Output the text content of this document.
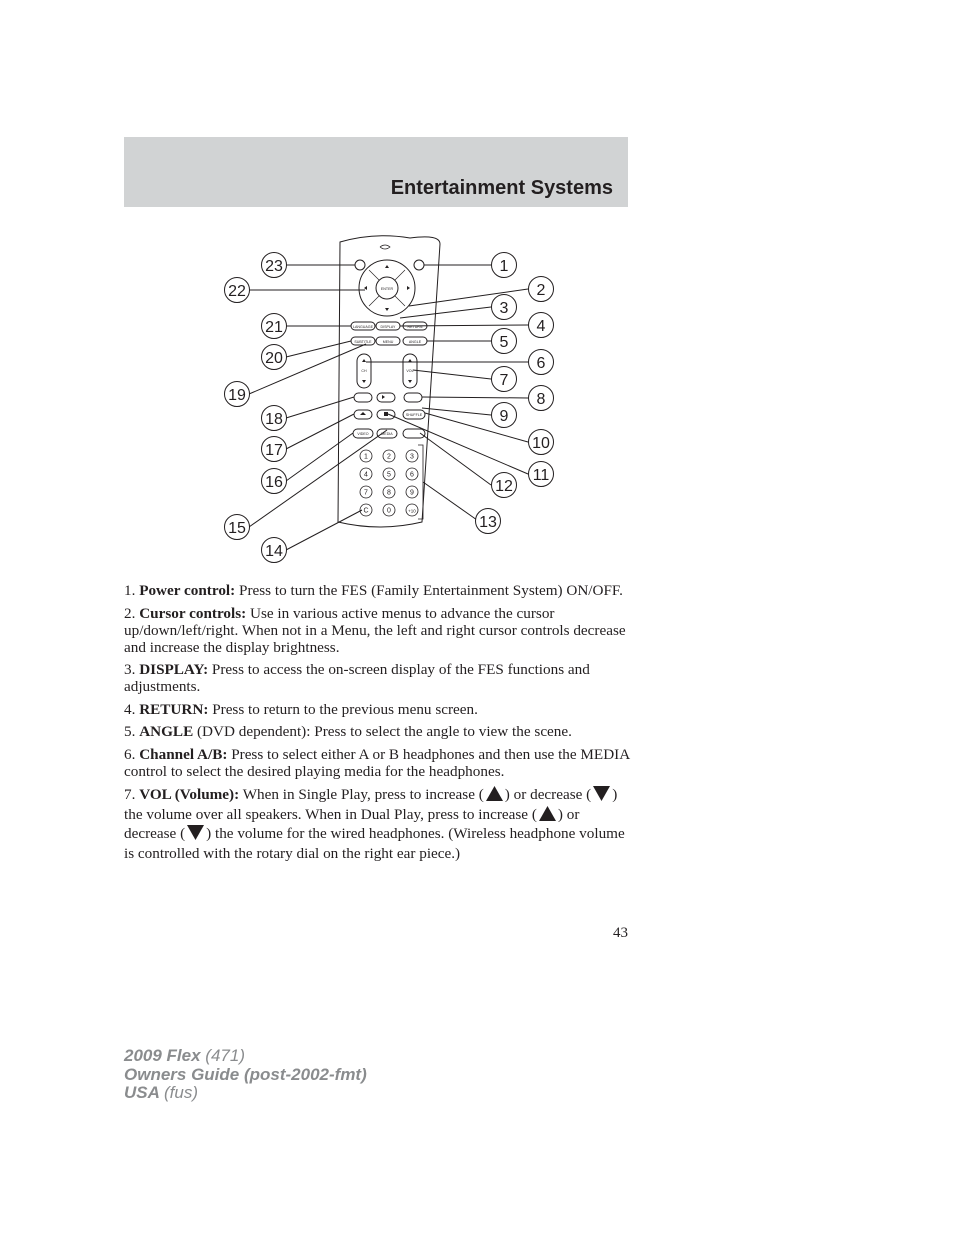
Entertainment Systems
ENTER
LANGUAGE DISPLAY	RETURN
SUBTITLE	MENU	ANGLE
CH	VOL
SHUFFLE
VIDEO	MEDIA
1	2	3
4	5	6
7	8	9
C	0	+10
1
2
3
4
5
6
7
8
9
10
11
12
13
14
15
16
17
18
19
20
21
22
23

1. Power control: Press to turn the FES (Family Entertainment System) ON/OFF.

2. Cursor controls: Use in various active menus to advance the cursor up/down/left/right. When not in a Menu, the left and right cursor controls decrease and increase the display brightness.

3. DISPLAY: Press to access the on-screen display of the FES functions and adjustments.

4. RETURN: Press to return to the previous menu screen.

5. ANGLE (DVD dependent): Press to select the angle to view the scene.

6. Channel A/B: Press to select either A or B headphones and then use the MEDIA control to select the desired playing media for the headphones.

7. VOL (Volume): When in Single Play, press to increase ( ) or decrease ( ) the volume over all speakers. When in Dual Play, press to increase ( ) or decrease ( ) the volume for the wired headphones. (Wireless headphone volume is controlled with the rotary dial on the right ear piece.)

43
2009 Flex (471)
Owners Guide (post-2002-fmt)
USA (fus)
